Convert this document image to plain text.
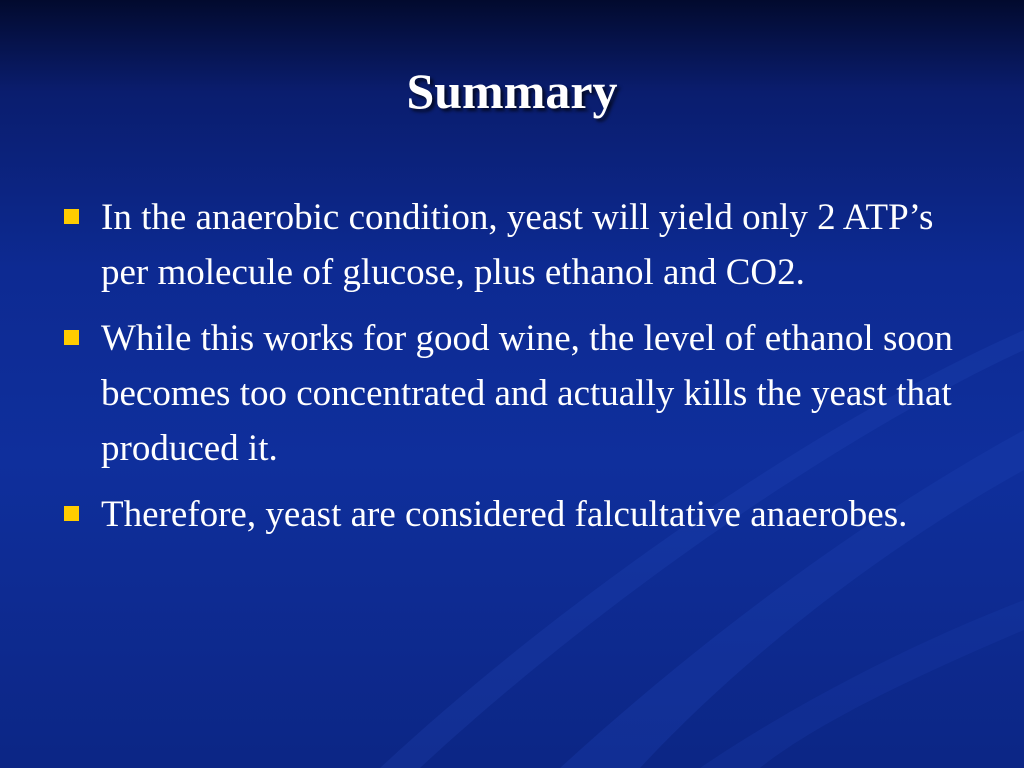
Summary
In the anaerobic condition, yeast will yield only 2 ATP’s per molecule of glucose, plus ethanol and CO2.
While this works for good wine, the level of ethanol soon becomes too concentrated and actually kills the yeast that produced it.
Therefore, yeast are considered falcultative anaerobes.
